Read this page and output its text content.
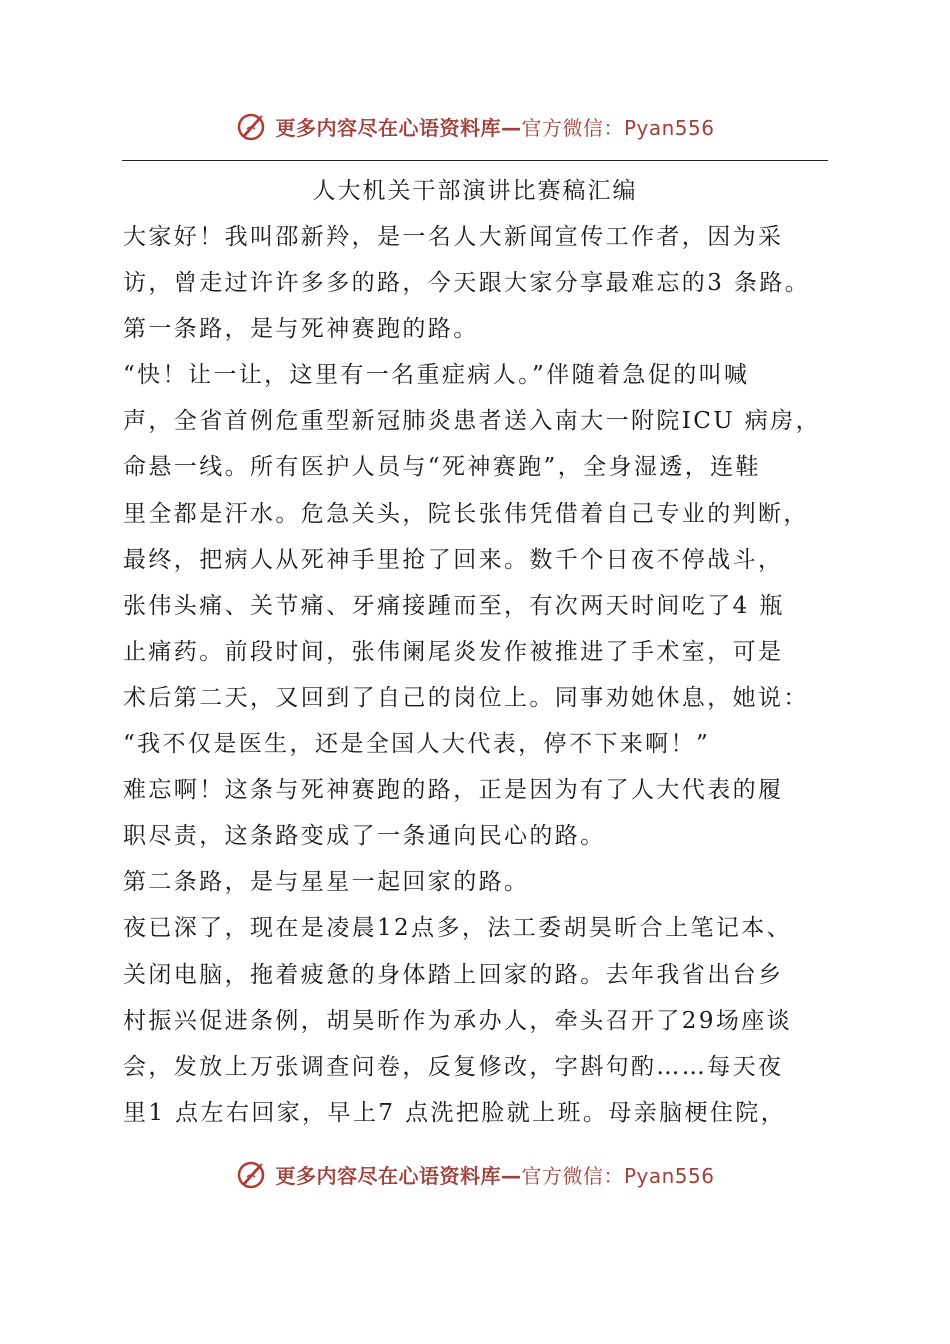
更多内容尽在心语资料库—官方微信：Pyan556
人大机关干部演讲比赛稿汇编
大家好！我叫邵新羚，是一名人大新闻宣传工作者，因为采
访，曾走过许许多多的路，今天跟大家分享最难忘的3 条路。
第一条路，是与死神赛跑的路。
“快！让一让，这里有一名重症病人。”伴随着急促的叫喊
声，全省首例危重型新冠肺炎患者送入南大一附院ICU 病房，
命悬一线。所有医护人员与“死神赛跑”，全身湿透，连鞋
里全都是汗水。危急关头，院长张伟凭借着自己专业的判断，
最终，把病人从死神手里抢了回来。数千个日夜不停战斗，
张伟头痛、关节痛、牙痛接踵而至，有次两天时间吃了4 瓶
止痛药。前段时间，张伟阑尾炎发作被推进了手术室，可是
术后第二天，又回到了自己的岗位上。同事劝她休息，她说：
“我不仅是医生，还是全国人大代表，停不下来啊！”
难忘啊！这条与死神赛跑的路，正是因为有了人大代表的履
职尽责，这条路变成了一条通向民心的路。
第二条路，是与星星一起回家的路。
夜已深了，现在是凌晨12点多，法工委胡昊昕合上笔记本、
关闭电脑，拖着疲惫的身体踏上回家的路。去年我省出台乡
村振兴促进条例，胡昊昕作为承办人，牵头召开了29场座谈
会，发放上万张调查问卷，反复修改，字斟句酌……每天夜
里1 点左右回家，早上7 点洗把脸就上班。母亲脑梗住院，
更多内容尽在心语资料库—官方微信：Pyan556
